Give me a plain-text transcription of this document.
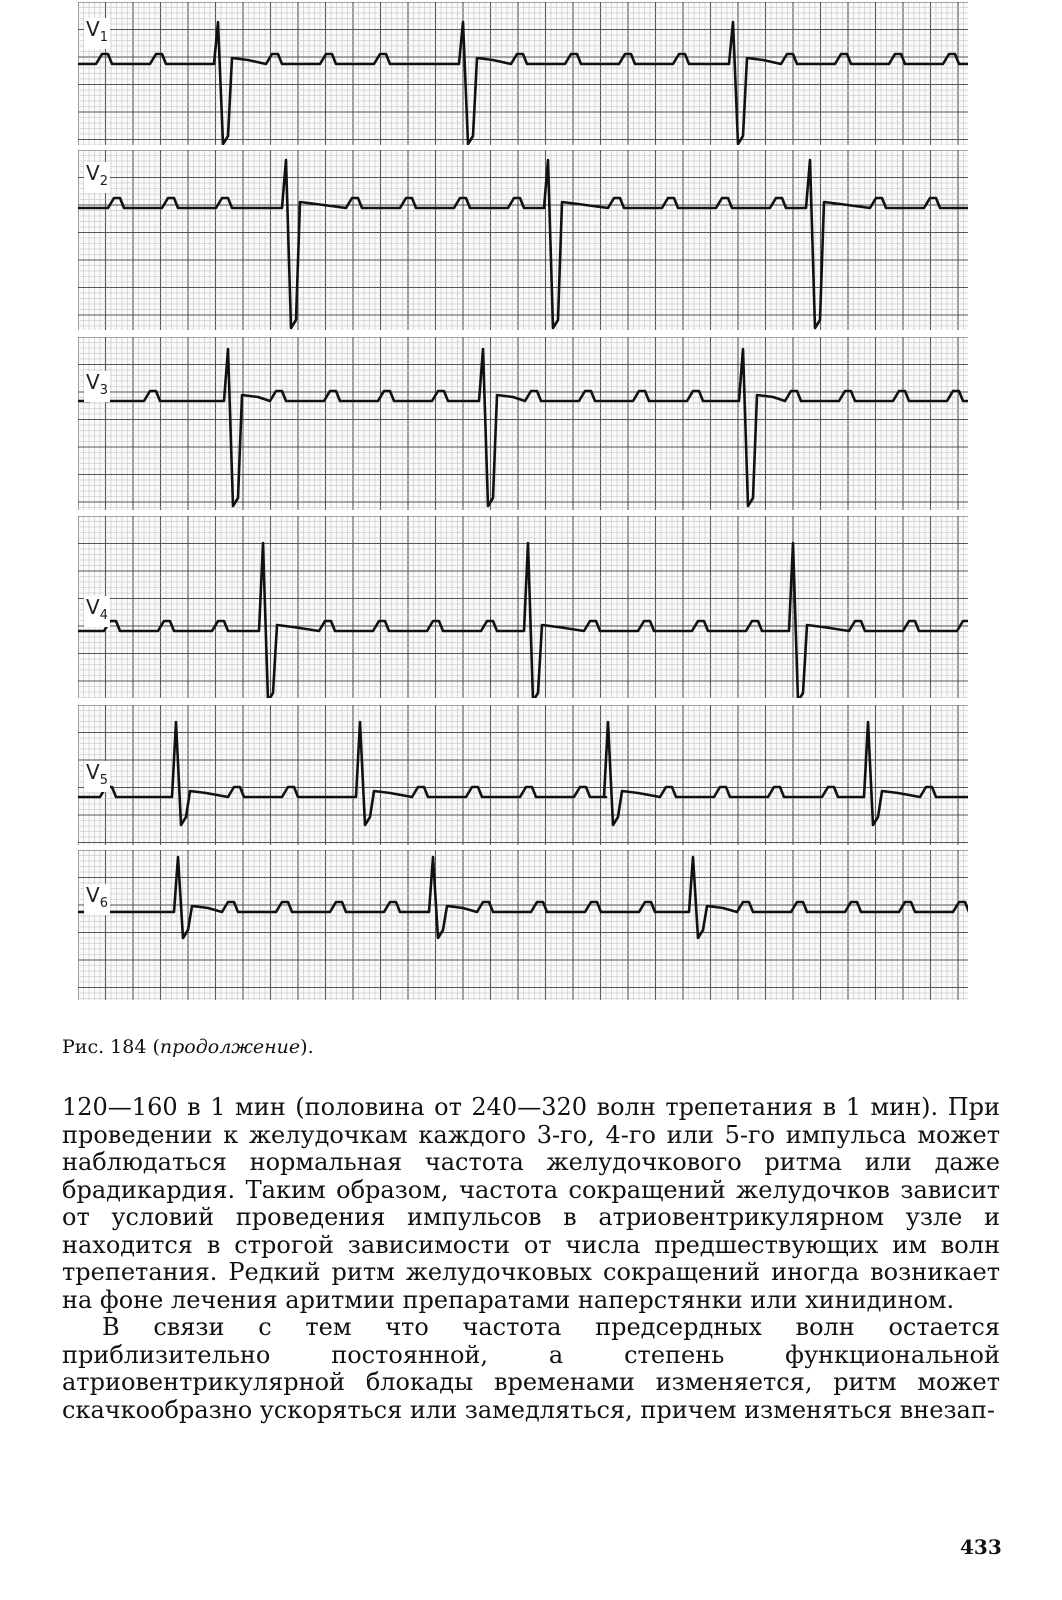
$V_1$
$V_2$
$V_3$
$V_4$
$V_5$
$V_6$
Рис. 184 (продолжение).

120—160 в 1 мин (половина от 240—320 волн трепетания в 1 мин). При проведении к желудочкам каждого 3-го, 4-го или 5-го импульса может наблюдаться нормальная частота желудочкового ритма или даже брадикардия. Таким образом, частота сокращений желудочков зависит от условий проведения импульсов в атриовентрикулярном узле и находится в строгой зависимости от числа предшествующих им волн трепетания. Редкий ритм желудочковых сокращений иногда возникает на фоне лечения аритмии препаратами наперстянки или хинидином.

В связи с тем что частота предсердных волн остается приблизительно постоянной, а степень функциональной атриовентрикулярной блокады временами изменяется, ритм может скачкообразно ускоряться или замедляться, причем изменяться внезап-

433
